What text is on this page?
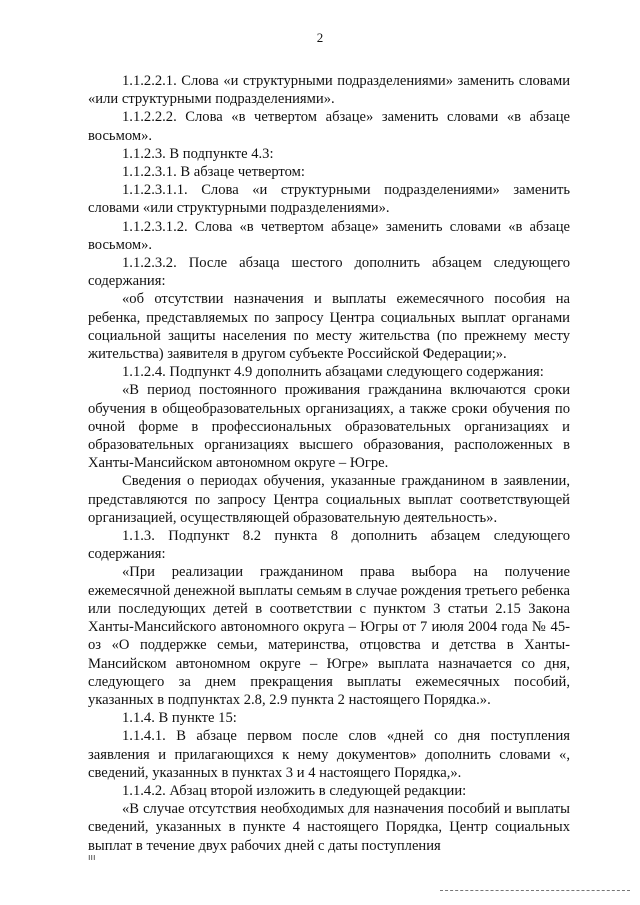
2

1.1.2.2.1. Слова «и структурными подразделениями» заменить словами «или структурными подразделениями».

1.1.2.2.2. Слова «в четвертом абзаце» заменить словами «в абзаце восьмом».

1.1.2.3. В подпункте 4.3:

1.1.2.3.1. В абзаце четвертом:

1.1.2.3.1.1. Слова «и структурными подразделениями» заменить словами «или структурными подразделениями».

1.1.2.3.1.2. Слова «в четвертом абзаце» заменить словами «в абзаце восьмом».

1.1.2.3.2. После абзаца шестого дополнить абзацем следующего содержания:

«об отсутствии назначения и выплаты ежемесячного пособия на ребенка, представляемых по запросу Центра социальных выплат органами социальной защиты населения по месту жительства (по прежнему месту жительства) заявителя в другом субъекте Российской Федерации;».

1.1.2.4. Подпункт 4.9 дополнить абзацами следующего содержания:

«В период постоянного проживания гражданина включаются сроки обучения в общеобразовательных организациях, а также сроки обучения по очной форме в профессиональных образовательных организациях и образовательных организациях высшего образования, расположенных в Ханты-Мансийском автономном округе – Югре.

Сведения о периодах обучения, указанные гражданином в заявлении, представляются по запросу Центра социальных выплат соответствующей организацией, осуществляющей образовательную деятельность».

1.1.3. Подпункт 8.2 пункта 8 дополнить абзацем следующего содержания:

«При реализации гражданином права выбора на получение ежемесячной денежной выплаты семьям в случае рождения третьего ребенка или последующих детей в соответствии с пунктом 3 статьи 2.15 Закона Ханты-Мансийского автономного округа – Югры от 7 июля 2004 года № 45-оз «О поддержке семьи, материнства, отцовства и детства в Ханты-Мансийском автономном округе – Югре» выплата назначается со дня, следующего за днем прекращения выплаты ежемесячных пособий, указанных в подпунктах 2.8, 2.9 пункта 2 настоящего Порядка.».

1.1.4. В пункте 15:

1.1.4.1. В абзаце первом после слов «дней со дня поступления заявления и прилагающихся к нему документов» дополнить словами «, сведений, указанных в пунктах 3 и 4 настоящего Порядка,».

1.1.4.2. Абзац второй изложить в следующей редакции:

«В случае отсутствия необходимых для назначения пособий и выплаты сведений, указанных в пункте 4 настоящего Порядка, Центр социальных выплат в течение двух рабочих дней с даты поступления

ııı
